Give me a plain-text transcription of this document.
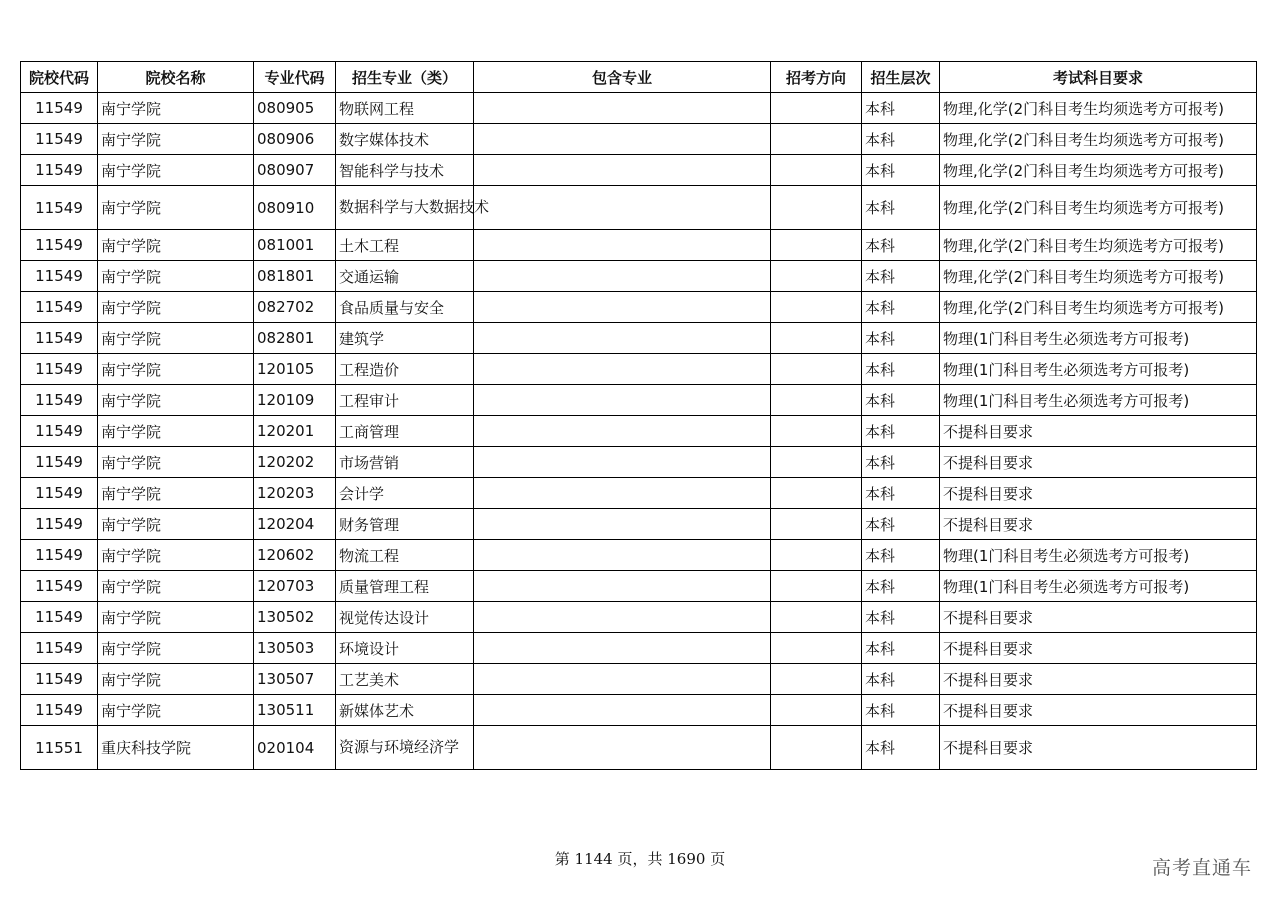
院校代码	院校名称	专业代码	招生专业（类）	包含专业	招考方向	招生层次	考试科目要求
11549	南宁学院	080905	物联网工程			本科	物理,化学(2门科目考生均须选考方可报考)
11549	南宁学院	080906	数字媒体技术			本科	物理,化学(2门科目考生均须选考方可报考)
11549	南宁学院	080907	智能科学与技术			本科	物理,化学(2门科目考生均须选考方可报考)
11549	南宁学院	080910	数据科学与大数据技术			本科	物理,化学(2门科目考生均须选考方可报考)
11549	南宁学院	081001	土木工程			本科	物理,化学(2门科目考生均须选考方可报考)
11549	南宁学院	081801	交通运输			本科	物理,化学(2门科目考生均须选考方可报考)
11549	南宁学院	082702	食品质量与安全			本科	物理,化学(2门科目考生均须选考方可报考)
11549	南宁学院	082801	建筑学			本科	物理(1门科目考生必须选考方可报考)
11549	南宁学院	120105	工程造价			本科	物理(1门科目考生必须选考方可报考)
11549	南宁学院	120109	工程审计			本科	物理(1门科目考生必须选考方可报考)
11549	南宁学院	120201	工商管理			本科	不提科目要求
11549	南宁学院	120202	市场营销			本科	不提科目要求
11549	南宁学院	120203	会计学			本科	不提科目要求
11549	南宁学院	120204	财务管理			本科	不提科目要求
11549	南宁学院	120602	物流工程			本科	物理(1门科目考生必须选考方可报考)
11549	南宁学院	120703	质量管理工程			本科	物理(1门科目考生必须选考方可报考)
11549	南宁学院	130502	视觉传达设计			本科	不提科目要求
11549	南宁学院	130503	环境设计			本科	不提科目要求
11549	南宁学院	130507	工艺美术			本科	不提科目要求
11549	南宁学院	130511	新媒体艺术			本科	不提科目要求
11551	重庆科技学院	020104	资源与环境经济学			本科	不提科目要求
第 1144 页，共 1690 页	高考直通车
